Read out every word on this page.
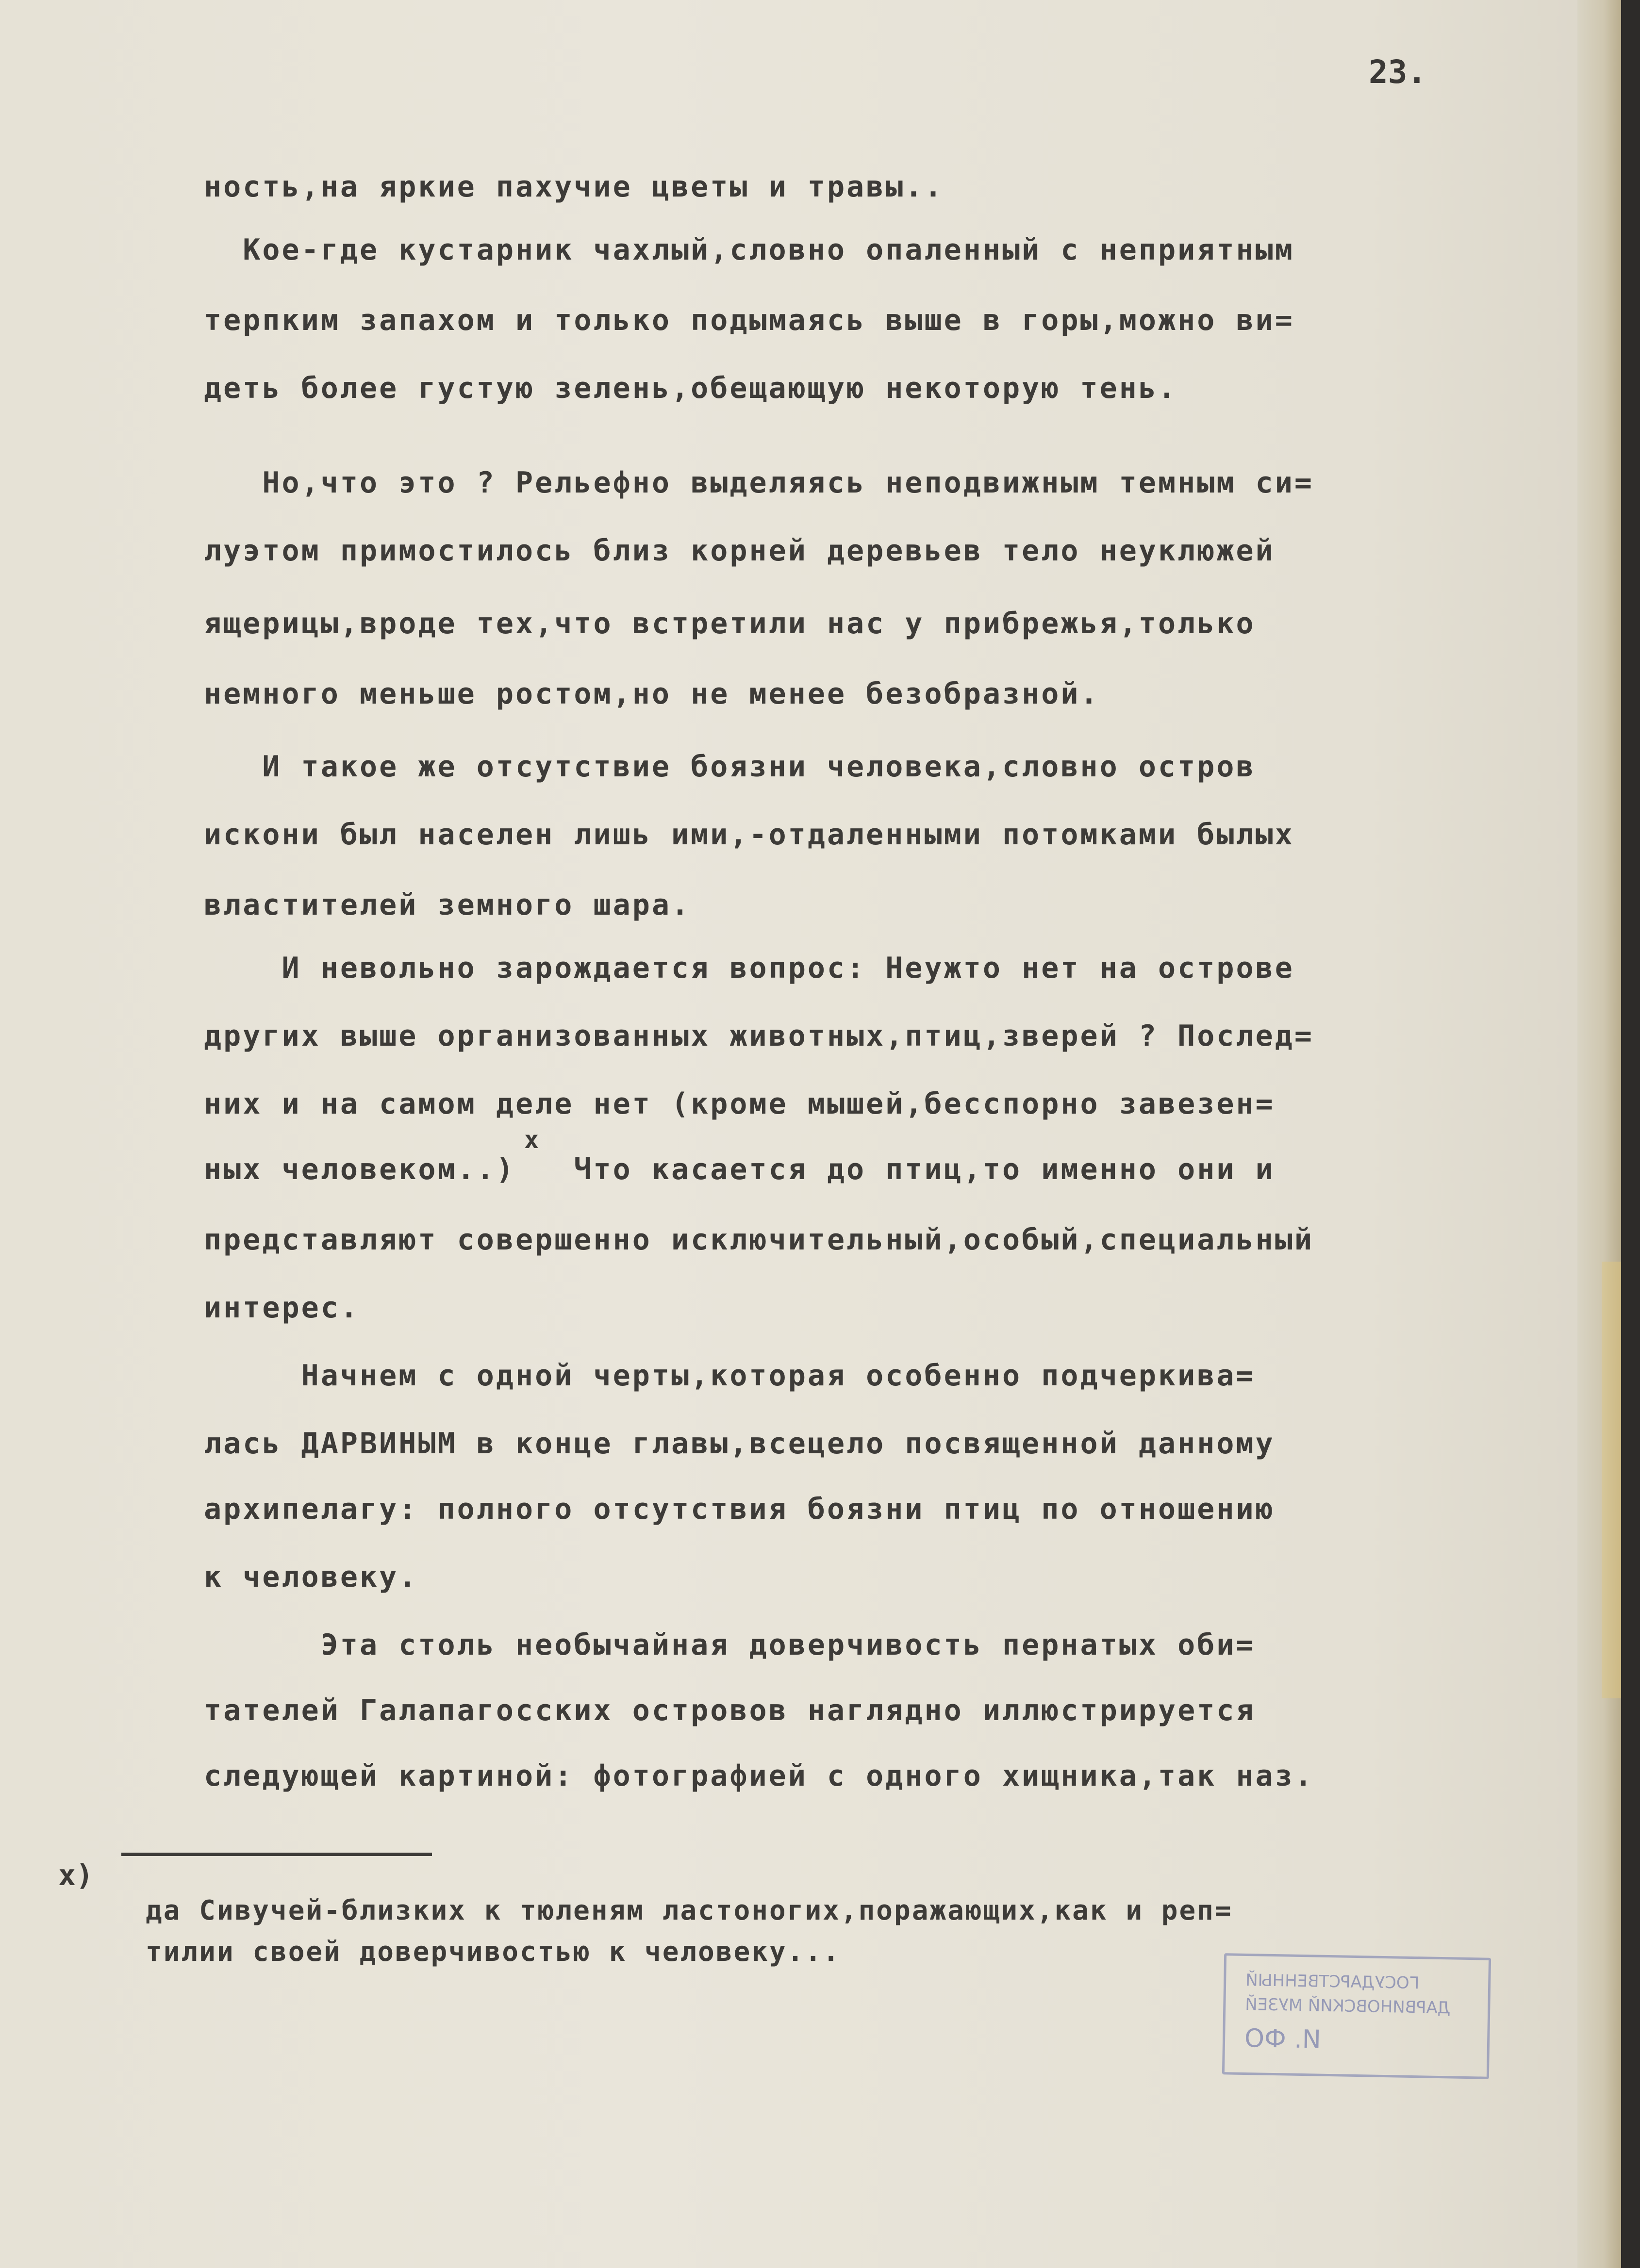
23.
ность,на яркие пахучие цветы и травы..
Кое-где кустарник чахлый,словно опаленный с неприятным
терпким запахом и только подымаясь выше в горы,можно ви=
деть более густую зелень,обещающую некоторую тень.
Но,что это ? Рельефно выделяясь неподвижным темным си=
луэтом примостилось близ корней деревьев тело неуклюжей
ящерицы,вроде тех,что встретили нас у прибрежья,только
немного меньше ростом,но не менее безобразной.
И такое же отсутствие боязни человека,словно остров
искони был населен лишь ими,-отдаленными потомками былых
властителей земного шара.
И невольно зарождается вопрос: Неужто нет на острове
других выше организованных животных,птиц,зверей ? Послед=
них и на самом деле нет (кроме мышей,бесспорно завезен=
ных человеком..)   Что касается до птиц,то именно они и
представляют совершенно исключительный,особый,специальный
интерес.
Начнем с одной черты,которая особенно подчеркива=
лась ДАРВИНЫМ в конце главы,всецело посвященной данному
архипелагу: полного отсутствия боязни птиц по отношению
к человеку.
Эта столь необычайная доверчивость пернатых оби=
тателей Галапагосских островов наглядно иллюстрируется
следующей картиной: фотографией с одного хищника,так наз.
x
x)
да Сивучей-близких к тюленям ластоногих,поражающих,как и реп=
тилии своей доверчивостью к человеку...
ГОСУДАРСТВЕННЫЙ
ДАРВИНОВСКИЙ МУЗЕЙ
И. ФО
